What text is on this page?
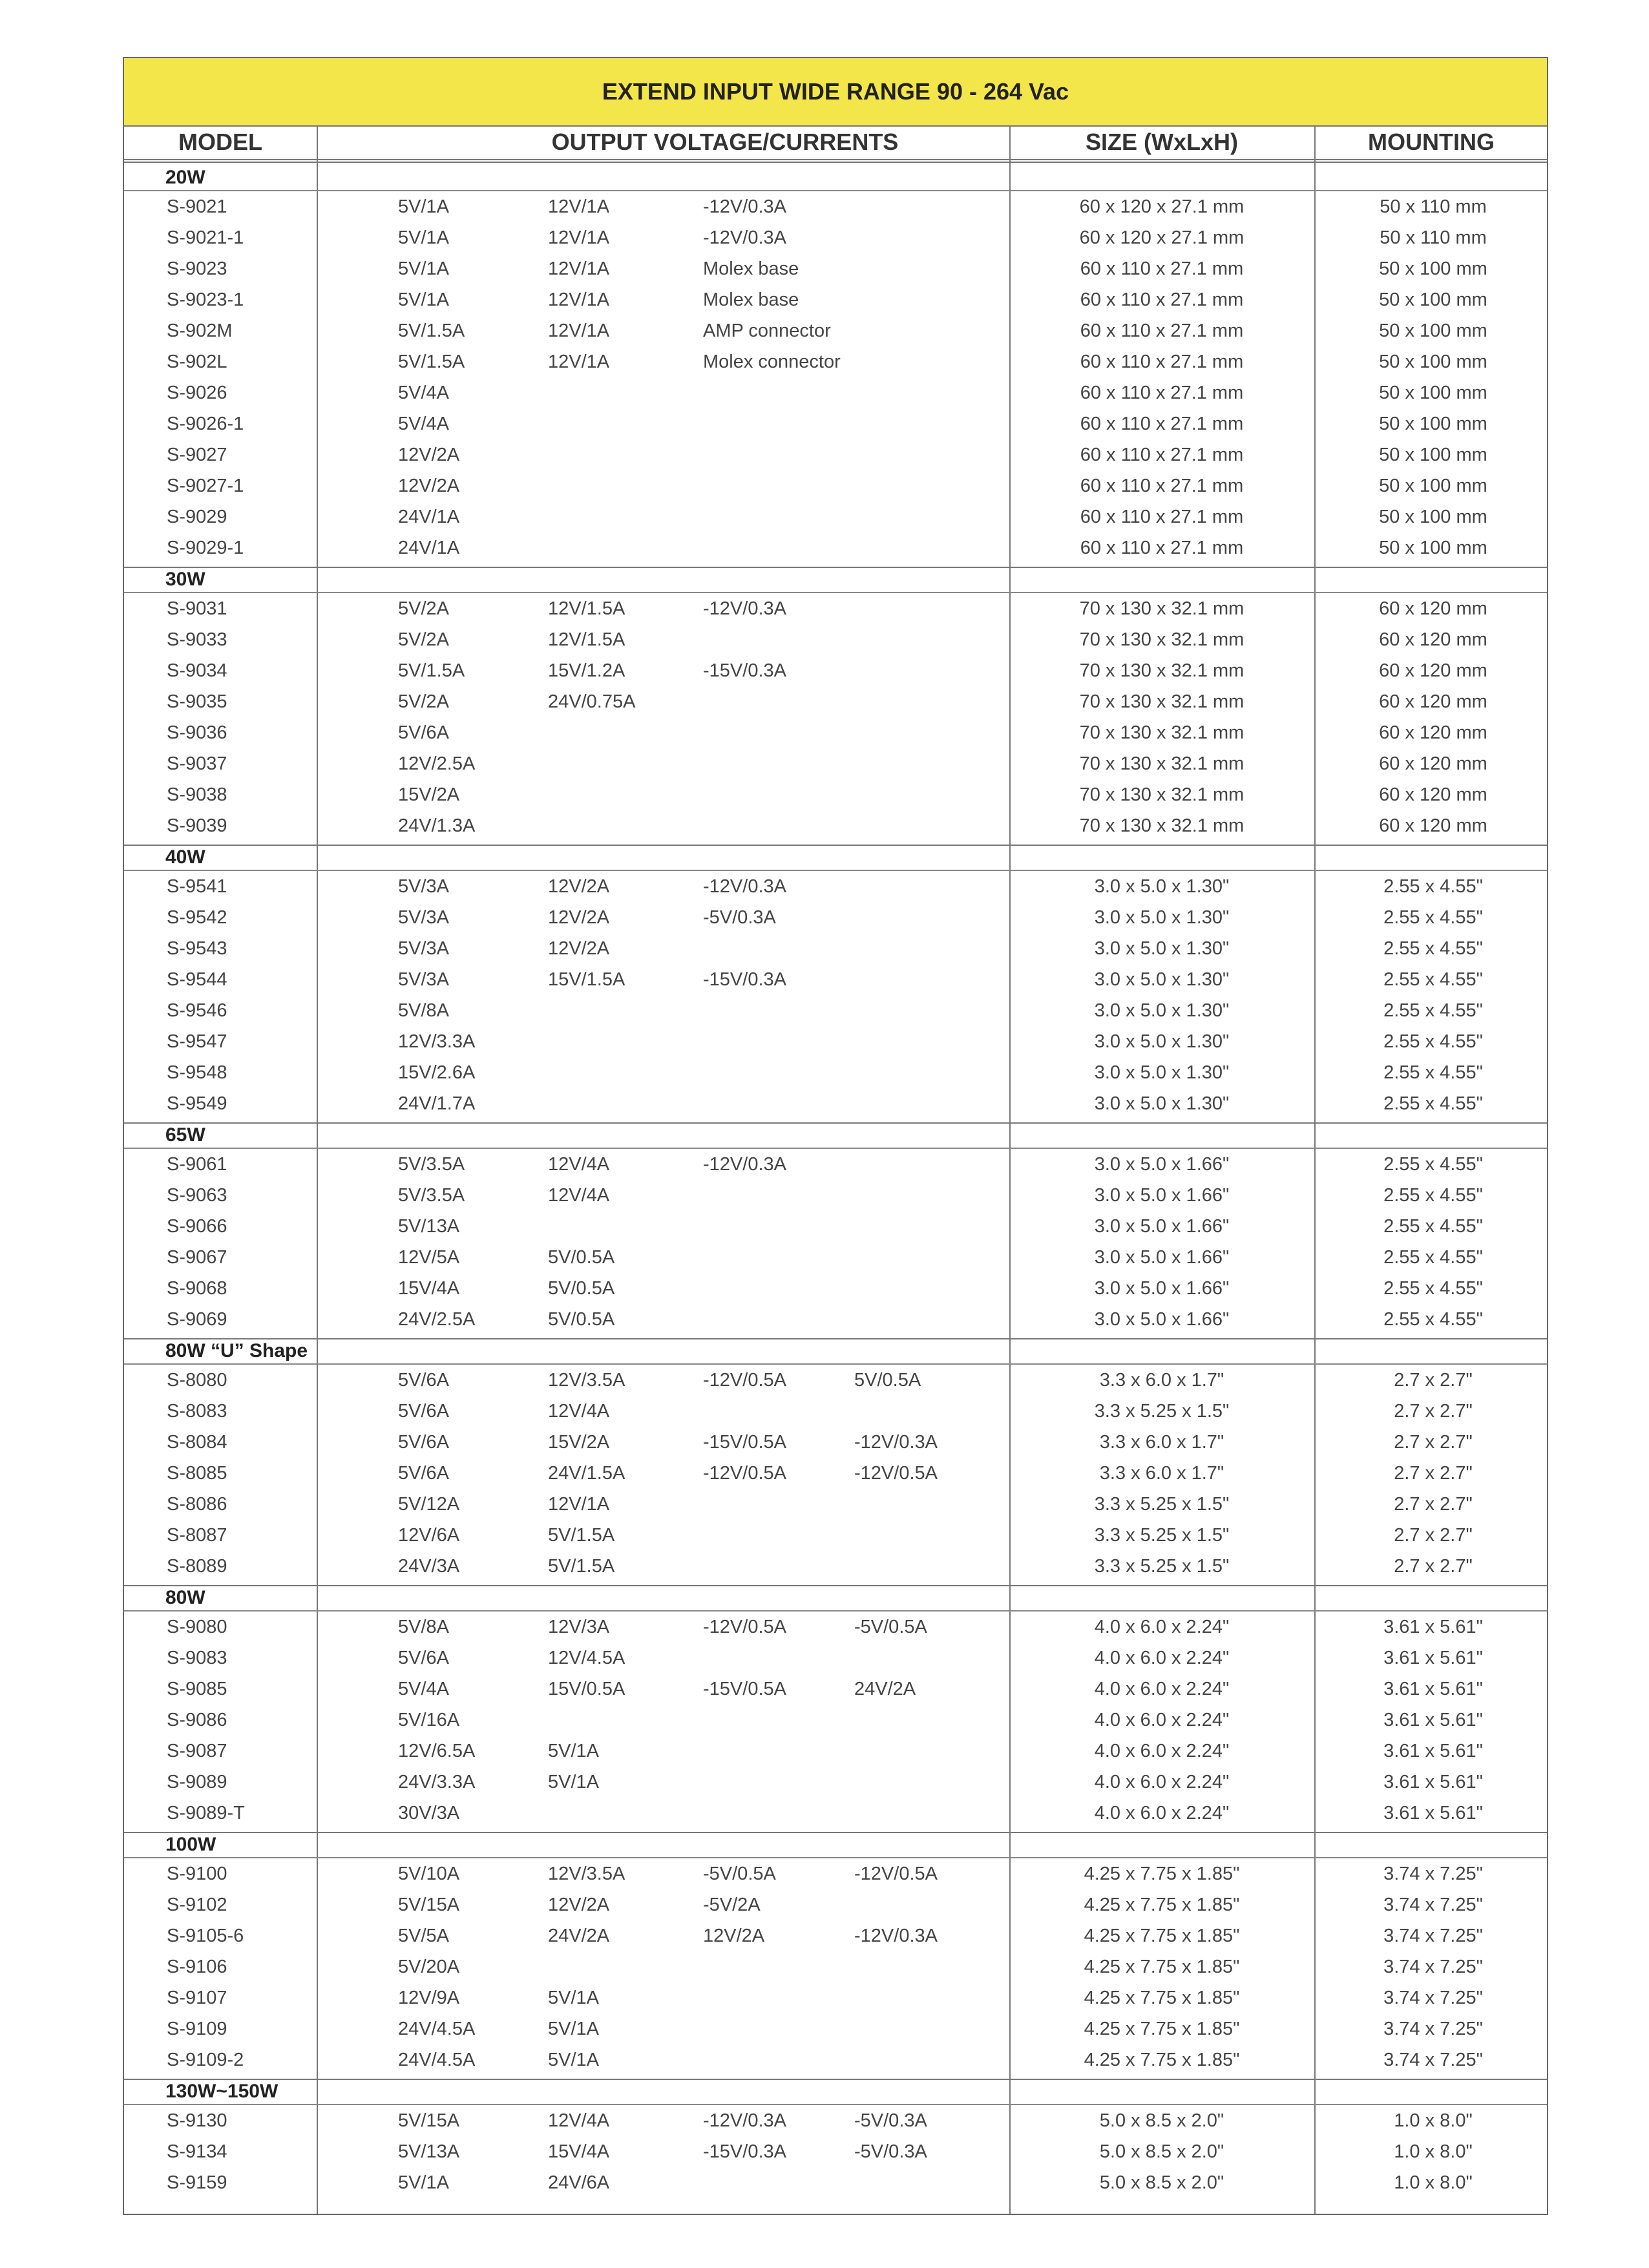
EXTEND INPUT WIDE RANGE 90 - 264 Vac
MODEL	OUTPUT VOLTAGE/CURRENTS	SIZE (WxLxH)	MOUNTING
20W
S-9021	5V/1A	12V/1A	-12V/0.3A	60 x 120 x 27.1 mm	50 x 110 mm
S-9021-1	5V/1A	12V/1A	-12V/0.3A	60 x 120 x 27.1 mm	50 x 110 mm
S-9023	5V/1A	12V/1A	Molex base	60 x 110 x 27.1 mm	50 x 100 mm
S-9023-1	5V/1A	12V/1A	Molex base	60 x 110 x 27.1 mm	50 x 100 mm
S-902M	5V/1.5A	12V/1A	AMP connector	60 x 110 x 27.1 mm	50 x 100 mm
S-902L	5V/1.5A	12V/1A	Molex connector	60 x 110 x 27.1 mm	50 x 100 mm
S-9026	5V/4A	60 x 110 x 27.1 mm	50 x 100 mm
S-9026-1	5V/4A	60 x 110 x 27.1 mm	50 x 100 mm
S-9027	12V/2A	60 x 110 x 27.1 mm	50 x 100 mm
S-9027-1	12V/2A	60 x 110 x 27.1 mm	50 x 100 mm
S-9029	24V/1A	60 x 110 x 27.1 mm	50 x 100 mm
S-9029-1	24V/1A	60 x 110 x 27.1 mm	50 x 100 mm
30W
S-9031	5V/2A	12V/1.5A	-12V/0.3A	70 x 130 x 32.1 mm	60 x 120 mm
S-9033	5V/2A	12V/1.5A	70 x 130 x 32.1 mm	60 x 120 mm
S-9034	5V/1.5A	15V/1.2A	-15V/0.3A	70 x 130 x 32.1 mm	60 x 120 mm
S-9035	5V/2A	24V/0.75A	70 x 130 x 32.1 mm	60 x 120 mm
S-9036	5V/6A	70 x 130 x 32.1 mm	60 x 120 mm
S-9037	12V/2.5A	70 x 130 x 32.1 mm	60 x 120 mm
S-9038	15V/2A	70 x 130 x 32.1 mm	60 x 120 mm
S-9039	24V/1.3A	70 x 130 x 32.1 mm	60 x 120 mm
40W
S-9541	5V/3A	12V/2A	-12V/0.3A	3.0 x 5.0 x 1.30"	2.55 x 4.55"
S-9542	5V/3A	12V/2A	-5V/0.3A	3.0 x 5.0 x 1.30"	2.55 x 4.55"
S-9543	5V/3A	12V/2A	3.0 x 5.0 x 1.30"	2.55 x 4.55"
S-9544	5V/3A	15V/1.5A	-15V/0.3A	3.0 x 5.0 x 1.30"	2.55 x 4.55"
S-9546	5V/8A	3.0 x 5.0 x 1.30"	2.55 x 4.55"
S-9547	12V/3.3A	3.0 x 5.0 x 1.30"	2.55 x 4.55"
S-9548	15V/2.6A	3.0 x 5.0 x 1.30"	2.55 x 4.55"
S-9549	24V/1.7A	3.0 x 5.0 x 1.30"	2.55 x 4.55"
65W
S-9061	5V/3.5A	12V/4A	-12V/0.3A	3.0 x 5.0 x 1.66"	2.55 x 4.55"
S-9063	5V/3.5A	12V/4A	3.0 x 5.0 x 1.66"	2.55 x 4.55"
S-9066	5V/13A	3.0 x 5.0 x 1.66"	2.55 x 4.55"
S-9067	12V/5A	5V/0.5A	3.0 x 5.0 x 1.66"	2.55 x 4.55"
S-9068	15V/4A	5V/0.5A	3.0 x 5.0 x 1.66"	2.55 x 4.55"
S-9069	24V/2.5A	5V/0.5A	3.0 x 5.0 x 1.66"	2.55 x 4.55"
80W “U” Shape
S-8080	5V/6A	12V/3.5A	-12V/0.5A	5V/0.5A	3.3 x 6.0 x 1.7"	2.7 x 2.7"
S-8083	5V/6A	12V/4A	3.3 x 5.25 x 1.5"	2.7 x 2.7"
S-8084	5V/6A	15V/2A	-15V/0.5A	-12V/0.3A	3.3 x 6.0 x 1.7"	2.7 x 2.7"
S-8085	5V/6A	24V/1.5A	-12V/0.5A	-12V/0.5A	3.3 x 6.0 x 1.7"	2.7 x 2.7"
S-8086	5V/12A	12V/1A	3.3 x 5.25 x 1.5"	2.7 x 2.7"
S-8087	12V/6A	5V/1.5A	3.3 x 5.25 x 1.5"	2.7 x 2.7"
S-8089	24V/3A	5V/1.5A	3.3 x 5.25 x 1.5"	2.7 x 2.7"
80W
S-9080	5V/8A	12V/3A	-12V/0.5A	-5V/0.5A	4.0 x 6.0 x 2.24"	3.61 x 5.61"
S-9083	5V/6A	12V/4.5A	4.0 x 6.0 x 2.24"	3.61 x 5.61"
S-9085	5V/4A	15V/0.5A	-15V/0.5A	24V/2A	4.0 x 6.0 x 2.24"	3.61 x 5.61"
S-9086	5V/16A	4.0 x 6.0 x 2.24"	3.61 x 5.61"
S-9087	12V/6.5A	5V/1A	4.0 x 6.0 x 2.24"	3.61 x 5.61"
S-9089	24V/3.3A	5V/1A	4.0 x 6.0 x 2.24"	3.61 x 5.61"
S-9089-T	30V/3A	4.0 x 6.0 x 2.24"	3.61 x 5.61"
100W
S-9100	5V/10A	12V/3.5A	-5V/0.5A	-12V/0.5A	4.25 x 7.75 x 1.85"	3.74 x 7.25"
S-9102	5V/15A	12V/2A	-5V/2A	4.25 x 7.75 x 1.85"	3.74 x 7.25"
S-9105-6	5V/5A	24V/2A	12V/2A	-12V/0.3A	4.25 x 7.75 x 1.85"	3.74 x 7.25"
S-9106	5V/20A	4.25 x 7.75 x 1.85"	3.74 x 7.25"
S-9107	12V/9A	5V/1A	4.25 x 7.75 x 1.85"	3.74 x 7.25"
S-9109	24V/4.5A	5V/1A	4.25 x 7.75 x 1.85"	3.74 x 7.25"
S-9109-2	24V/4.5A	5V/1A	4.25 x 7.75 x 1.85"	3.74 x 7.25"
130W~150W
S-9130	5V/15A	12V/4A	-12V/0.3A	-5V/0.3A	5.0 x 8.5 x 2.0"	1.0 x 8.0"
S-9134	5V/13A	15V/4A	-15V/0.3A	-5V/0.3A	5.0 x 8.5 x 2.0"	1.0 x 8.0"
S-9159	5V/1A	24V/6A	5.0 x 8.5 x 2.0"	1.0 x 8.0"
